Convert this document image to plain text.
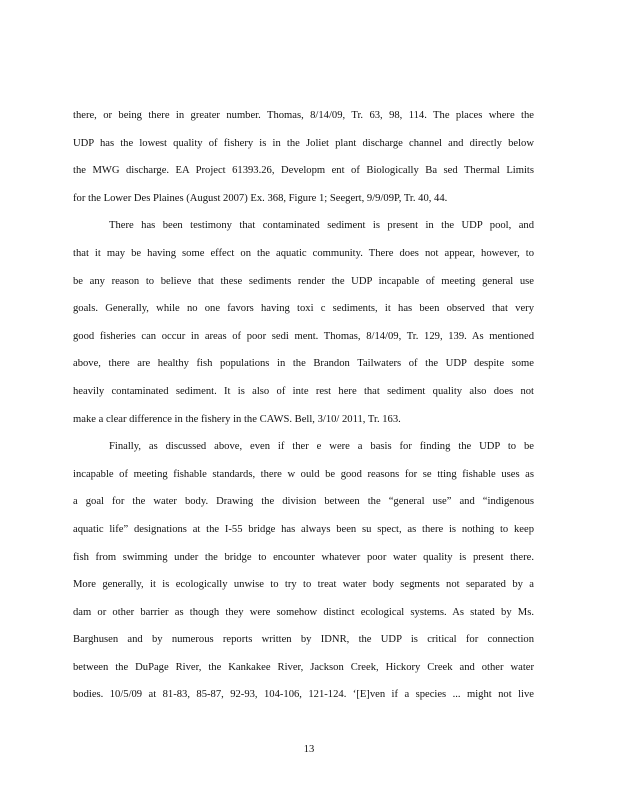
there, or being there in greater number. Thomas, 8/14/09, Tr. 63, 98, 114. The places where the
UDP has the lowest quality of fishery is in the Joliet plant discharge channel and directly below
the MWG discharge. EA Project 61393.26, Developm ent of Biologically Ba sed Thermal Limits
for the Lower Des Plaines (August 2007) Ex. 368, Figure 1; Seegert, 9/9/09P, Tr. 40, 44.
There has been testimony that contaminated sediment is present in the UDP pool, and
that it may be having some effect on the aquatic community. There does not appear, however, to
be any reason to believe that these sediments render the UDP incapable of meeting general use
goals. Generally, while no one favors having toxi c sediments, it has been observed that very
good fisheries can occur in areas of poor sedi ment. Thomas, 8/14/09, Tr. 129, 139. As mentioned
above, there are healthy fish populations in the Brandon Tailwaters of the UDP despite some
heavily contaminated sediment. It is also of inte rest here that sediment quality also does not
make a clear difference in the fishery in the CAWS. Bell, 3/10/ 2011, Tr. 163.
Finally, as discussed above, even if ther e were a basis for finding the UDP to be
incapable of meeting fishable standards, there w ould be good reasons for se tting fishable uses as
a goal for the water body. Drawing the division between the “general use” and “indigenous
aquatic life” designations at the I-55 bridge has always been su spect, as there is nothing to keep
fish from swimming under the bridge to encounter whatever poor water quality is present there.
More generally, it is ecologically unwise to try to treat water body segments not separated by a
dam or other barrier as though they were somehow distinct ecological systems. As stated by Ms.
Barghusen and by numerous reports written by IDNR, the UDP is critical for connection
between the DuPage River, the Kankakee River, Jackson Creek, Hickory Creek and other water
bodies. 10/5/09 at 81-83, 85-87, 92-93, 104-106, 121-124. ‘[E]ven if a species ... might not live
13
